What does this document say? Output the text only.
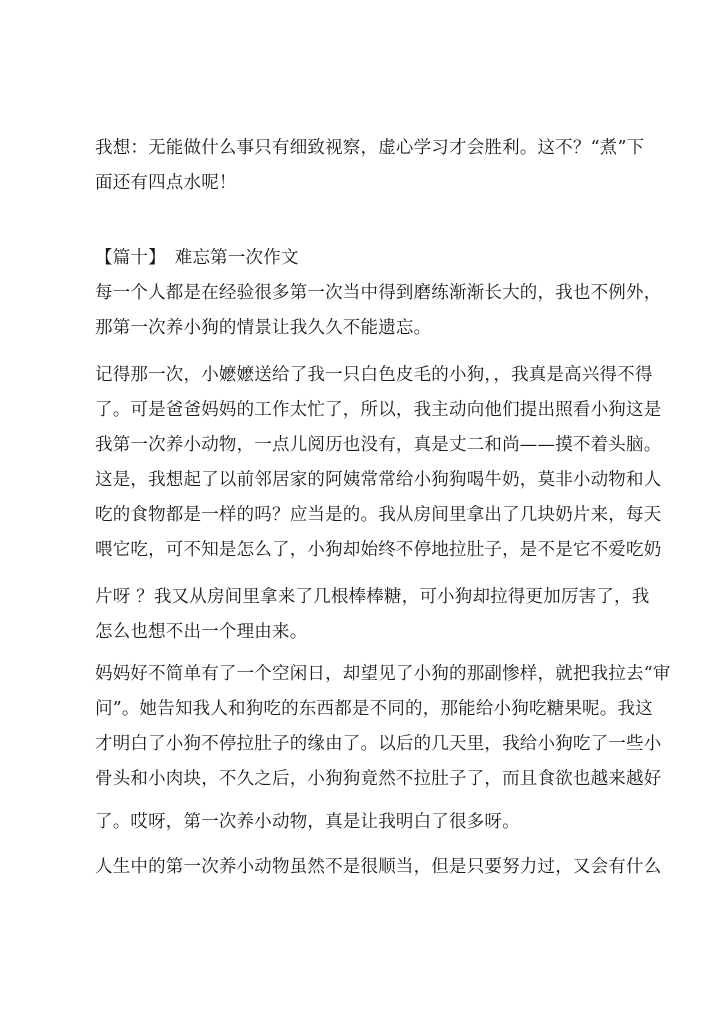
我想：无能做什么事只有细致视察，虚心学习才会胜利。这不？“煮”下
面还有四点水呢！
【篇十】　难忘第一次作文
每一个人都是在经验很多第一次当中得到磨练渐渐长大的，我也不例外，
那第一次养小狗的情景让我久久不能遗忘。
记得那一次，小嬷嬷送给了我一只白色皮毛的小狗，，我真是高兴得不得
了。可是爸爸妈妈的工作太忙了，所以，我主动向他们提出照看小狗这是
我第一次养小动物，一点儿阅历也没有，真是丈二和尚——摸不着头脑。
这是，我想起了以前邻居家的阿姨常常给小狗狗喝牛奶，莫非小动物和人
吃的食物都是一样的吗？应当是的。我从房间里拿出了几块奶片来，每天
喂它吃，可不知是怎么了，小狗却始终不停地拉肚子，是不是它不爱吃奶
片呀 ？我又从房间里拿来了几根棒棒糖，可小狗却拉得更加厉害了，我
怎么也想不出一个理由来。
妈妈好不简单有了一个空闲日，却望见了小狗的那副惨样，就把我拉去“审
问”。她告知我人和狗吃的东西都是不同的，那能给小狗吃糖果呢。我这
才明白了小狗不停拉肚子的缘由了。以后的几天里，我给小狗吃了一些小
骨头和小肉块，不久之后，小狗狗竟然不拉肚子了，而且食欲也越来越好
了。哎呀，第一次养小动物，真是让我明白了很多呀。
人生中的第一次养小动物虽然不是很顺当，但是只要努力过，又会有什么
